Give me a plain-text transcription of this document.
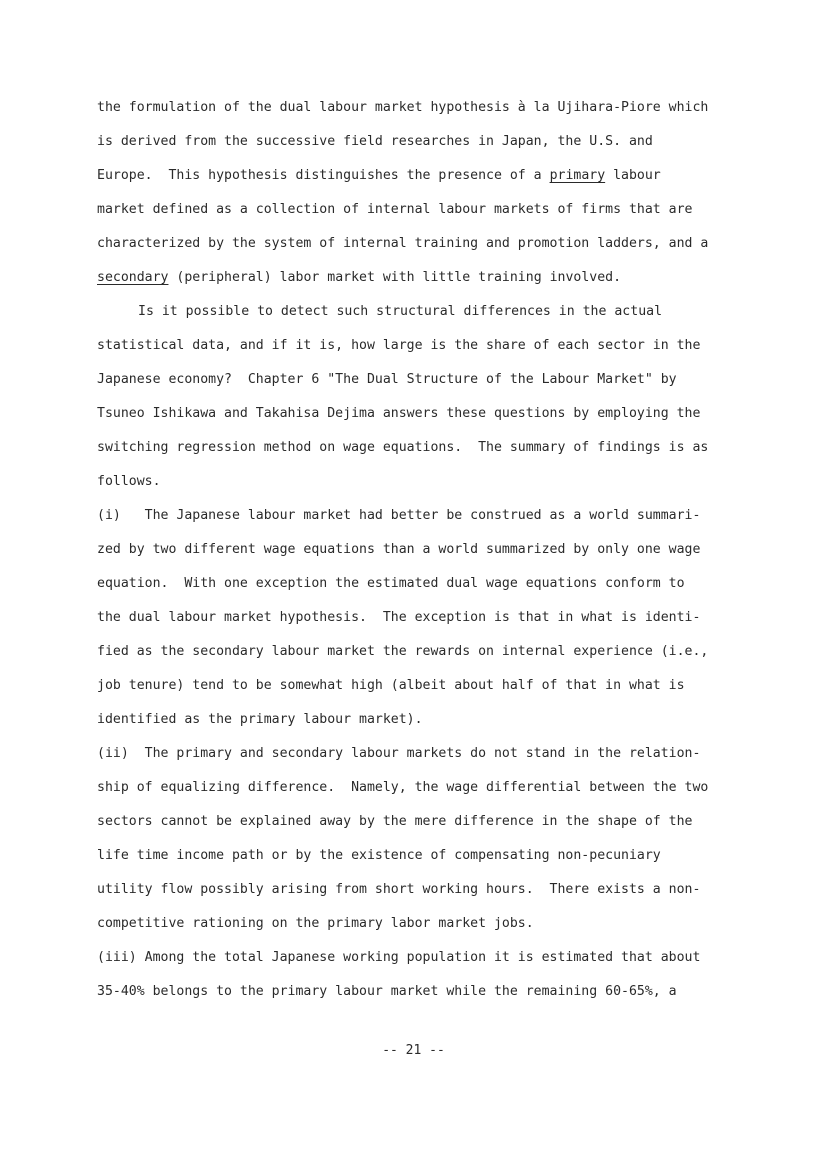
the formulation of the dual labour market hypothesis à la Ujihara-Piore which
is derived from the successive field researches in Japan, the U.S. and
Europe.  This hypothesis distinguishes the presence of a primary labour
market defined as a collection of internal labour markets of firms that are
characterized by the system of internal training and promotion ladders, and a
secondary (peripheral) labor market with little training involved.
Is it possible to detect such structural differences in the actual
statistical data, and if it is, how large is the share of each sector in the
Japanese economy?  Chapter 6 "The Dual Structure of the Labour Market" by
Tsuneo Ishikawa and Takahisa Dejima answers these questions by employing the
switching regression method on wage equations.  The summary of findings is as
follows.
(i)   The Japanese labour market had better be construed as a world summari-
zed by two different wage equations than a world summarized by only one wage
equation.  With one exception the estimated dual wage equations conform to
the dual labour market hypothesis.  The exception is that in what is identi-
fied as the secondary labour market the rewards on internal experience (i.e.,
job tenure) tend to be somewhat high (albeit about half of that in what is
identified as the primary labour market).
(ii)  The primary and secondary labour markets do not stand in the relation-
ship of equalizing difference.  Namely, the wage differential between the two
sectors cannot be explained away by the mere difference in the shape of the
life time income path or by the existence of compensating non-pecuniary
utility flow possibly arising from short working hours.  There exists a non-
competitive rationing on the primary labor market jobs.
(iii) Among the total Japanese working population it is estimated that about
35-40% belongs to the primary labour market while the remaining 60-65%, a
-- 21 --
